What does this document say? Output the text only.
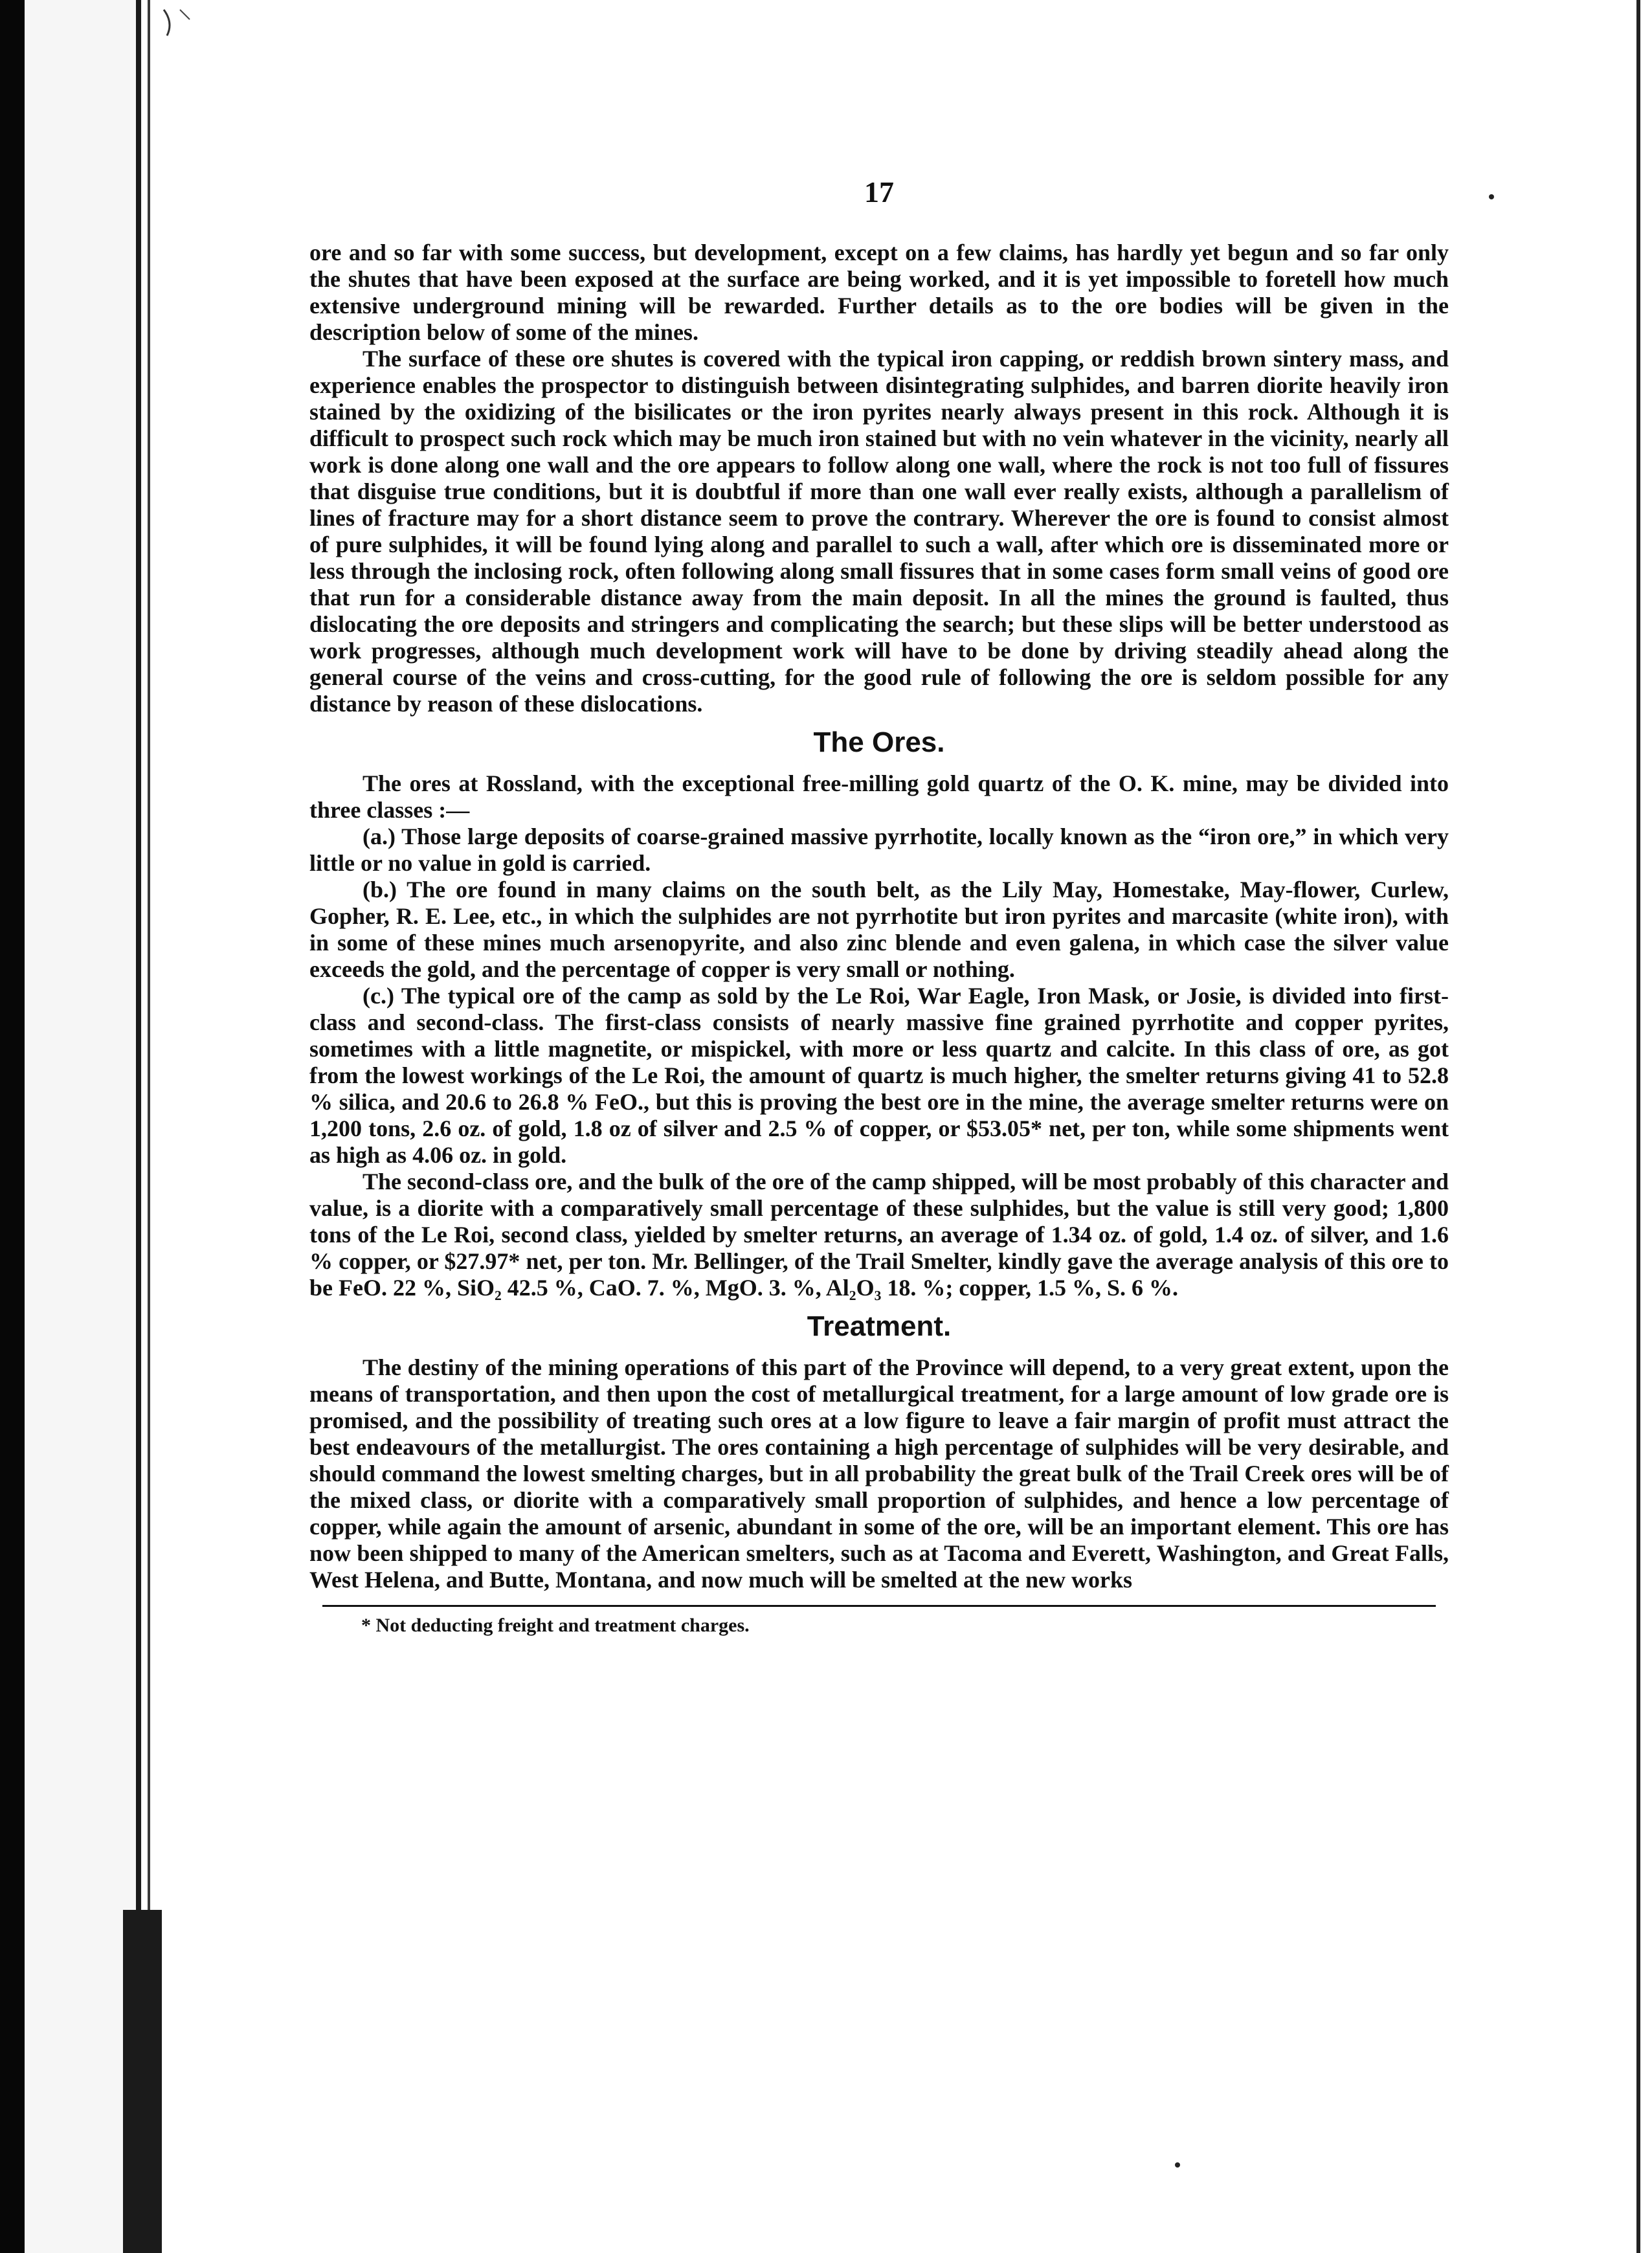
17

ore and so far with some success, but development, except on a few claims, has hardly yet begun and so far only the shutes that have been exposed at the surface are being worked, and it is yet impossible to foretell how much extensive underground mining will be rewarded. Further details as to the ore bodies will be given in the description below of some of the mines.

The surface of these ore shutes is covered with the typical iron capping, or reddish brown sintery mass, and experience enables the prospector to distinguish between disintegrating sulphides, and barren diorite heavily iron stained by the oxidizing of the bisilicates or the iron pyrites nearly always present in this rock. Although it is difficult to prospect such rock which may be much iron stained but with no vein whatever in the vicinity, nearly all work is done along one wall and the ore appears to follow along one wall, where the rock is not too full of fissures that disguise true conditions, but it is doubtful if more than one wall ever really exists, although a parallelism of lines of fracture may for a short distance seem to prove the contrary. Wherever the ore is found to consist almost of pure sulphides, it will be found lying along and parallel to such a wall, after which ore is disseminated more or less through the inclosing rock, often following along small fissures that in some cases form small veins of good ore that run for a considerable distance away from the main deposit. In all the mines the ground is faulted, thus dislocating the ore deposits and stringers and complicating the search; but these slips will be better understood as work progresses, although much development work will have to be done by driving steadily ahead along the general course of the veins and cross-cutting, for the good rule of following the ore is seldom possible for any distance by reason of these dislocations.

The Ores.

The ores at Rossland, with the exceptional free-milling gold quartz of the O. K. mine, may be divided into three classes :—

(a.) Those large deposits of coarse-grained massive pyrrhotite, locally known as the “iron ore,” in which very little or no value in gold is carried.

(b.) The ore found in many claims on the south belt, as the Lily May, Homestake, May-flower, Curlew, Gopher, R. E. Lee, etc., in which the sulphides are not pyrrhotite but iron pyrites and marcasite (white iron), with in some of these mines much arsenopyrite, and also zinc blende and even galena, in which case the silver value exceeds the gold, and the percentage of copper is very small or nothing.

(c.) The typical ore of the camp as sold by the Le Roi, War Eagle, Iron Mask, or Josie, is divided into first-class and second-class. The first-class consists of nearly massive fine grained pyrrhotite and copper pyrites, sometimes with a little magnetite, or mispickel, with more or less quartz and calcite. In this class of ore, as got from the lowest workings of the Le Roi, the amount of quartz is much higher, the smelter returns giving 41 to 52.8 % silica, and 20.6 to 26.8 % FeO., but this is proving the best ore in the mine, the average smelter returns were on 1,200 tons, 2.6 oz. of gold, 1.8 oz of silver and 2.5 % of copper, or $53.05* net, per ton, while some shipments went as high as 4.06 oz. in gold.

The second-class ore, and the bulk of the ore of the camp shipped, will be most probably of this character and value, is a diorite with a comparatively small percentage of these sulphides, but the value is still very good; 1,800 tons of the Le Roi, second class, yielded by smelter returns, an average of 1.34 oz. of gold, 1.4 oz. of silver, and 1.6 % copper, or $27.97* net, per ton. Mr. Bellinger, of the Trail Smelter, kindly gave the average analysis of this ore to be FeO. 22 %, SiO₂ 42.5 %, CaO. 7. %, MgO. 3. %, Al₂O₃ 18. %; copper, 1.5 %, S. 6 %.

Treatment.

The destiny of the mining operations of this part of the Province will depend, to a very great extent, upon the means of transportation, and then upon the cost of metallurgical treatment, for a large amount of low grade ore is promised, and the possibility of treating such ores at a low figure to leave a fair margin of profit must attract the best endeavours of the metallurgist. The ores containing a high percentage of sulphides will be very desirable, and should command the lowest smelting charges, but in all probability the great bulk of the Trail Creek ores will be of the mixed class, or diorite with a comparatively small proportion of sulphides, and hence a low percentage of copper, while again the amount of arsenic, abundant in some of the ore, will be an important element. This ore has now been shipped to many of the American smelters, such as at Tacoma and Everett, Washington, and Great Falls, West Helena, and Butte, Montana, and now much will be smelted at the new works

* Not deducting freight and treatment charges.
